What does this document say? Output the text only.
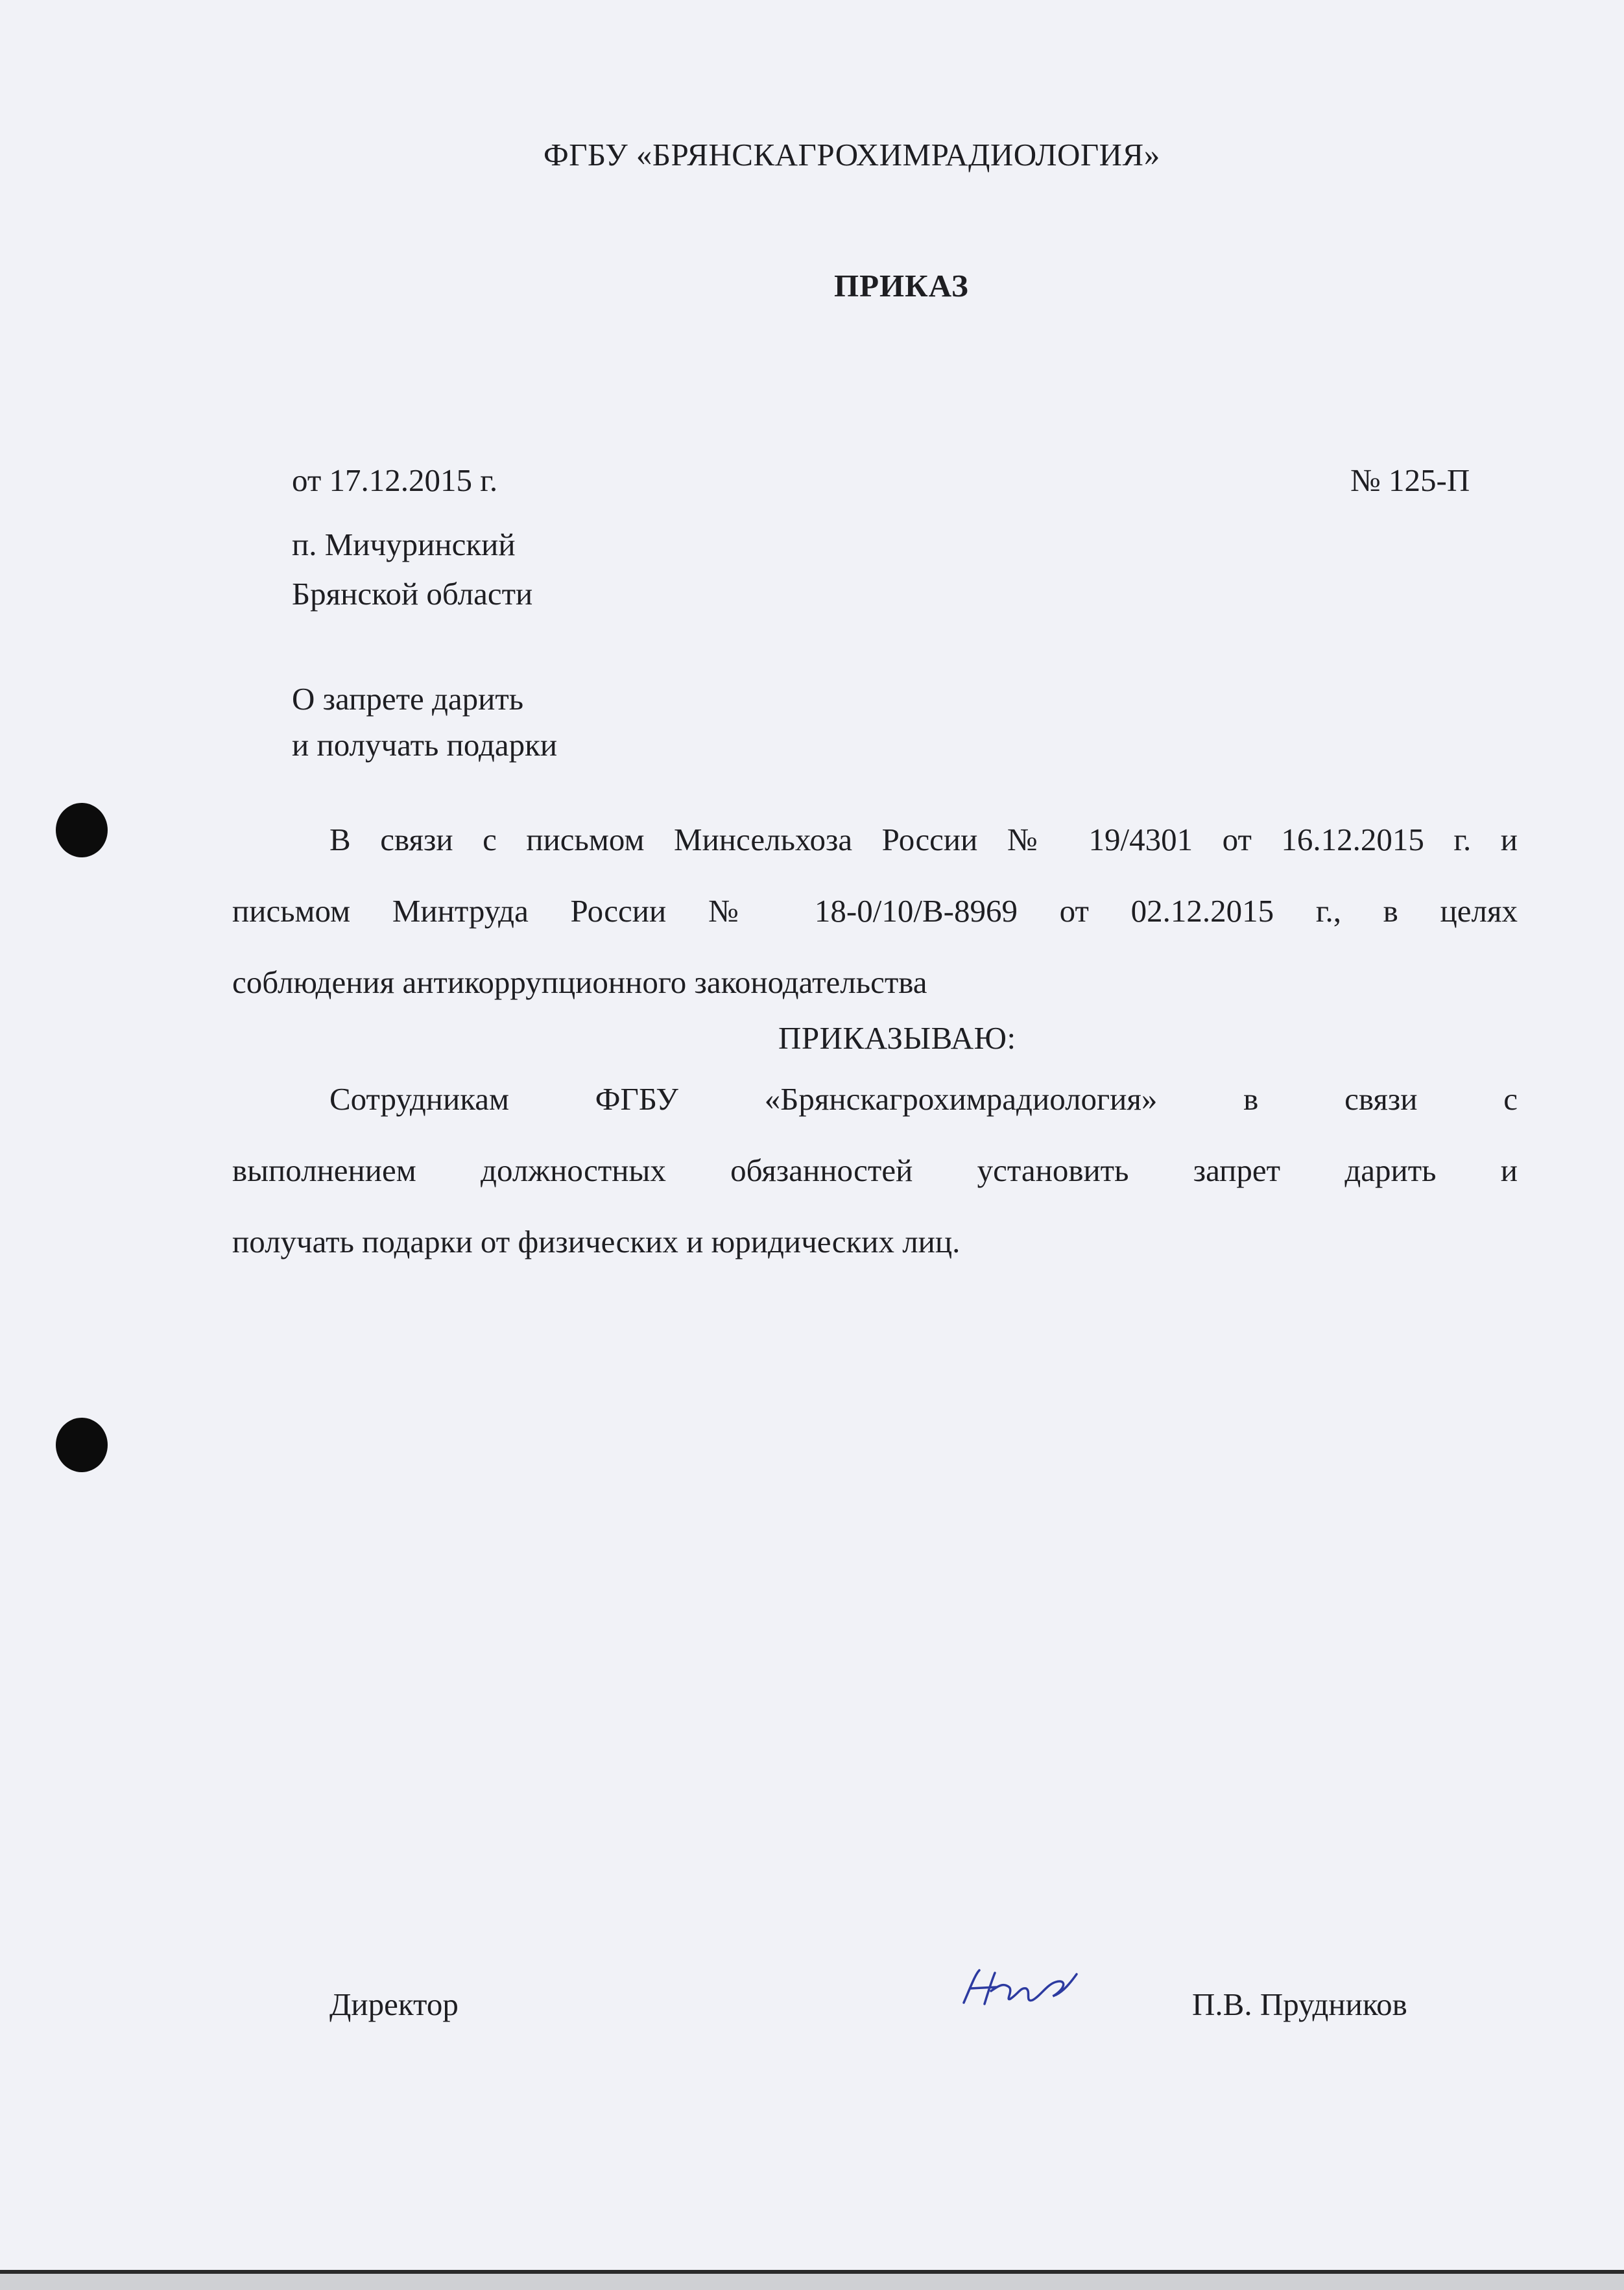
ФГБУ «БРЯНСКАГРОХИМРАДИОЛОГИЯ»
ПРИКАЗ
от 17.12.2015 г.	№ 125-П
п. Мичуринский
Брянской области
О запрете дарить
и получать подарки
В связи с письмом Минсельхоза России № 19/4301 от 16.12.2015 г. и
письмом Минтруда России № 18-0/10/В-8969 от 02.12.2015 г., в целях
соблюдения антикоррупционного законодательства
ПРИКАЗЫВАЮ:
Сотрудникам ФГБУ «Брянскагрохимрадиология» в связи с
выполнением должностных обязанностей установить запрет дарить и
получать подарки от физических и юридических лиц.
Директор	П.В. Прудников
